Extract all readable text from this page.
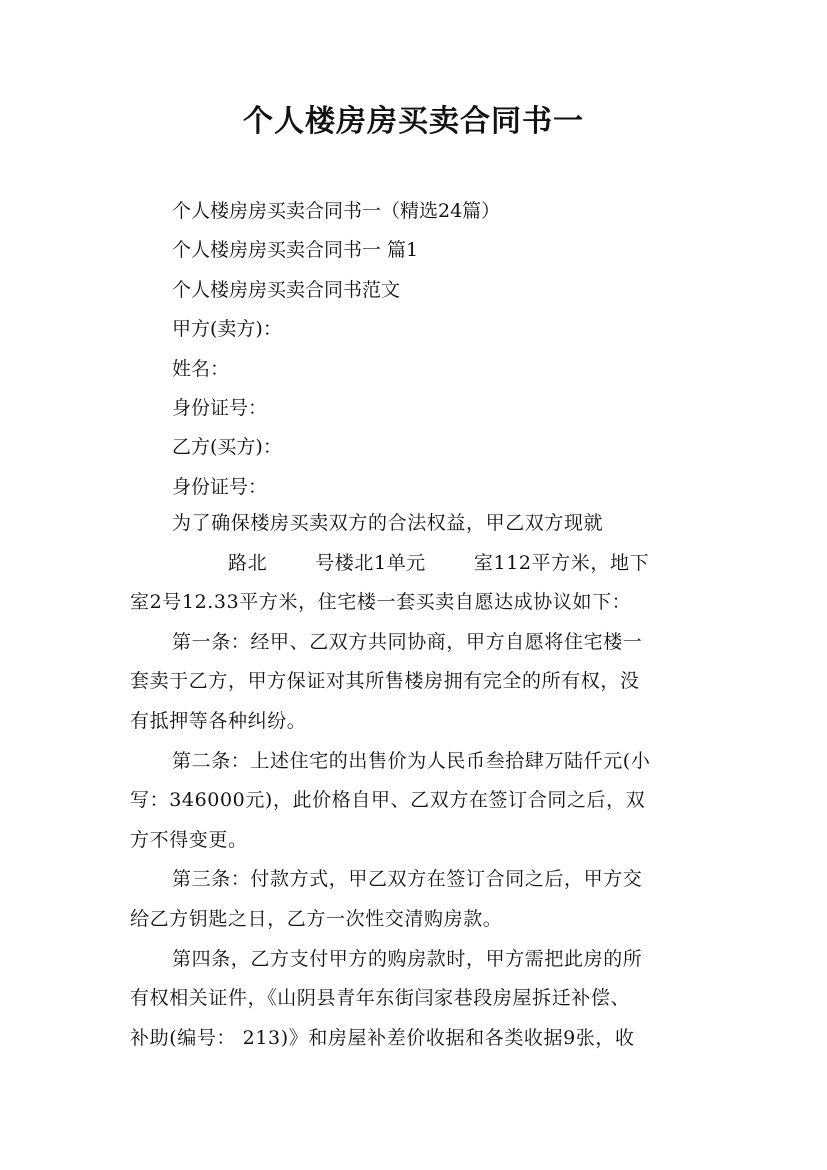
个人楼房房买卖合同书一
个人楼房房买卖合同书一（精选24篇）
个人楼房房买卖合同书一 篇1
个人楼房房买卖合同书范文
甲方(卖方)：
姓名：
身份证号：
乙方(买方)：
身份证号：
为了确保楼房买卖双方的合法权益，甲乙双方现就
路北	号楼北1单元	室112平方米，地下
室2号12.33平方米，住宅楼一套买卖自愿达成协议如下：
第一条：经甲、乙双方共同协商，甲方自愿将住宅楼一
套卖于乙方，甲方保证对其所售楼房拥有完全的所有权，没
有抵押等各种纠纷。
第二条：上述住宅的出售价为人民币叁拾肆万陆仟元(小
写：346000元)，此价格自甲、乙双方在签订合同之后，双
方不得变更。
第三条：付款方式，甲乙双方在签订合同之后，甲方交
给乙方钥匙之日，乙方一次性交清购房款。
第四条，乙方支付甲方的购房款时，甲方需把此房的所
有权相关证件，《山阴县青年东街闫家巷段房屋拆迁补偿、
补助(编号： 213)》和房屋补差价收据和各类收据9张，收
